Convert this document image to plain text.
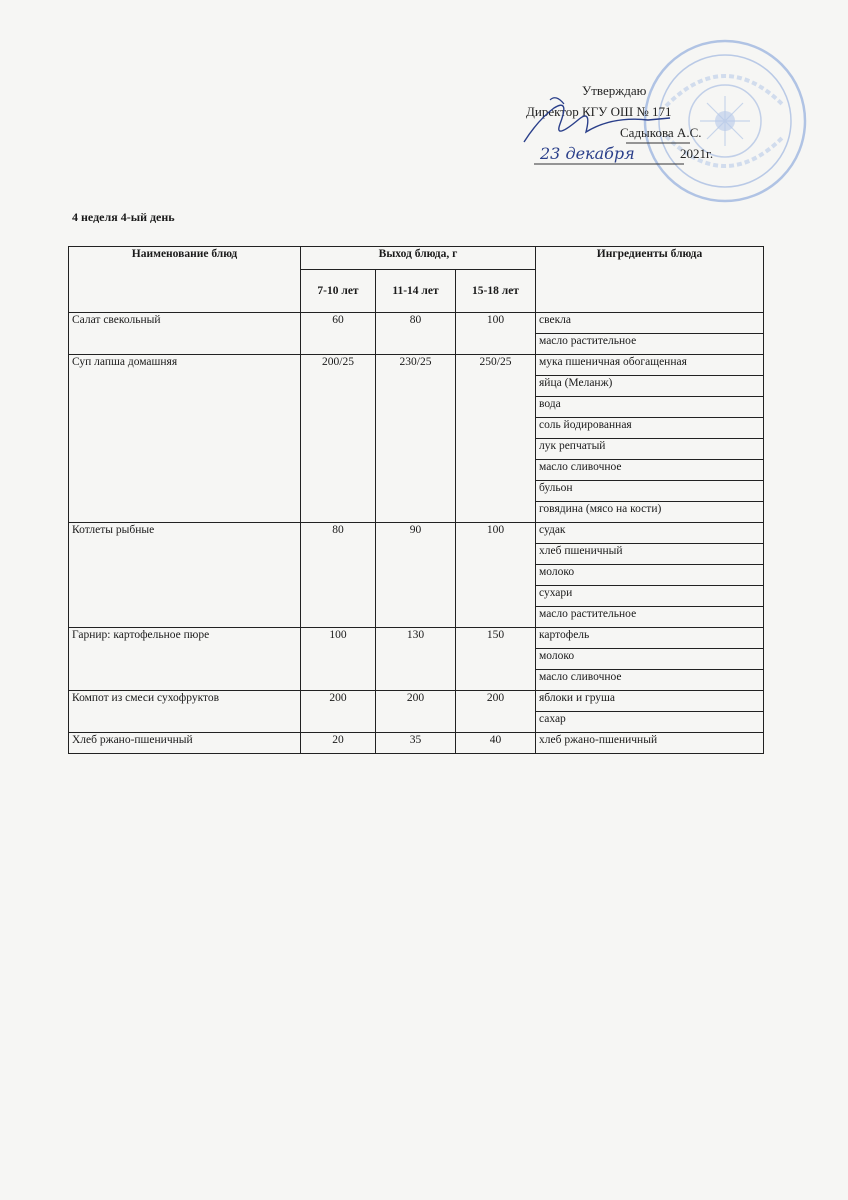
Утверждаю
Директор КГУ ОШ № 171
Садыкова А.С.
23 декабря	2021г.
4 неделя 4-ый день
Наименование блюд	Выход блюда, г			Ингредиенты блюда

	7-10 лет	11-14 лет	15-18 лет	
Салат свекольный	60	80	100	свекла
				масло растительное
Суп лапша домашняя	200/25	230/25	250/25	мука пшеничная обогащенная
				яйца (Меланж)
				вода
				соль йодированная
				лук репчатый
				масло сливочное
				бульон
				говядина (мясо на кости)
Котлеты рыбные	80	90	100	судак
				хлеб пшеничный
				молоко
				сухари
				масло растительное
Гарнир: картофельное пюре	100	130	150	картофель
				молоко
				масло сливочное
Компот из смеси сухофруктов	200	200	200	яблоки и груша
				сахар
Хлеб ржано-пшеничный	20	35	40	хлеб ржано-пшеничный
